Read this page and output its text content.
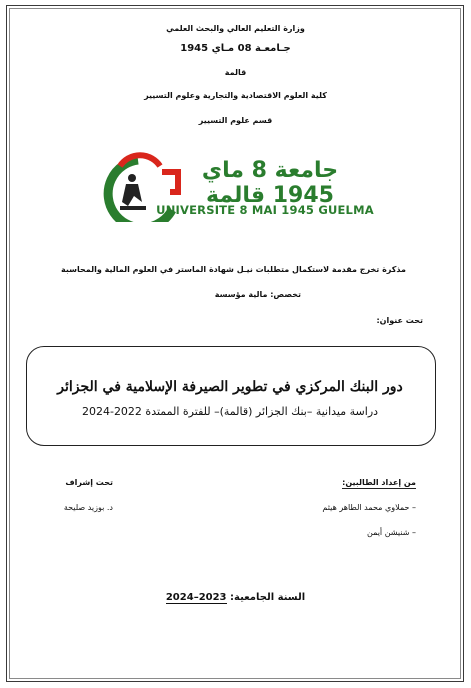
وزارة التعليم العالي والبحث العلمي
جـامعـة 08 مـاي 1945
قالمة
كلية العلوم الاقتصادية والتجارية وعلوم التسيير
قسم علوم التسيير
جامعة 8 ماي 1945 قالمة
UNIVERSITE 8 MAI 1945 GUELMA
مذكرة تخرج مقدمة لاستكمال متطلبات نيـل شهادة الماستر في العلوم المالية والمحاسبة
تخصص: مالية مؤسسة
تحت عنوان:
دور البنك المركزي في تطوير الصيرفة الإسلامية في الجزائر
دراسة ميدانية –بنك الجزائر (قالمة)– للفترة الممتدة 2022-2024
من إعداد الطالبين:
تحت إشراف
– حملاوي محمد الطاهر هيثم
– شنيشن أيمن
د. بوزيد صليحة
السنة الجامعية: 2023–2024
